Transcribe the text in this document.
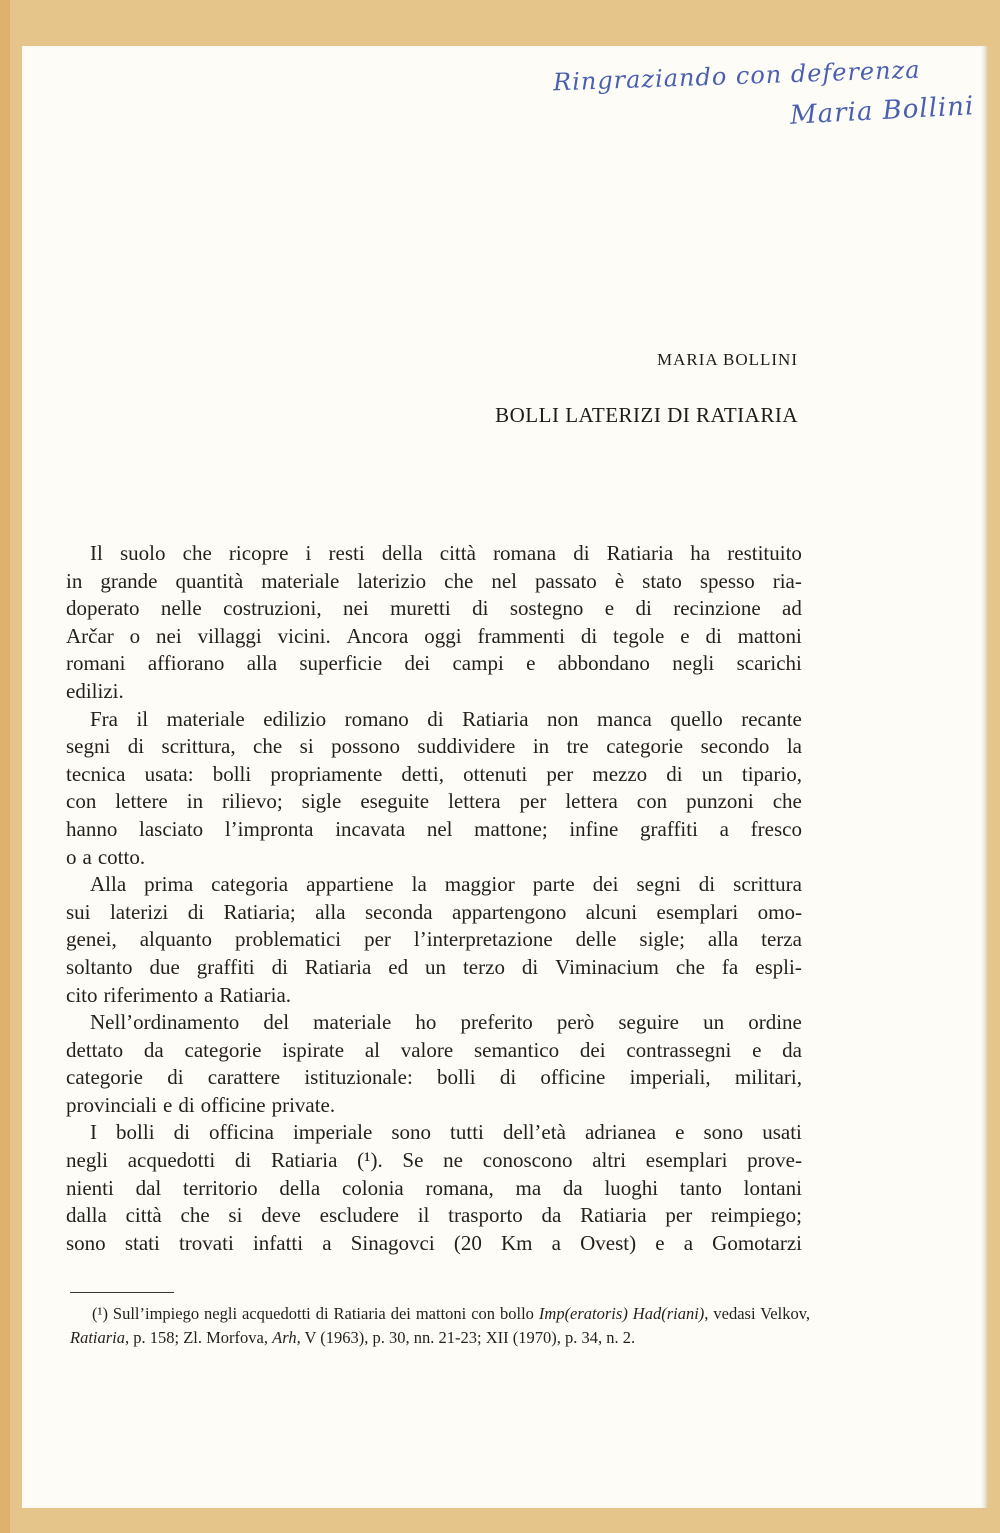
Ringraziando con deferenza
Maria Bollini
MARIA BOLLINI
BOLLI LATERIZI DI RATIARIA
Il suolo che ricopre i resti della città romana di Ratiaria ha restituito
in grande quantità materiale laterizio che nel passato è stato spesso ria-
doperato nelle costruzioni, nei muretti di sostegno e di recinzione ad
Arčar o nei villaggi vicini. Ancora oggi frammenti di tegole e di mattoni
romani affiorano alla superficie dei campi e abbondano negli scarichi
edilizi.
Fra il materiale edilizio romano di Ratiaria non manca quello recante
segni di scrittura, che si possono suddividere in tre categorie secondo la
tecnica usata: bolli propriamente detti, ottenuti per mezzo di un tipario,
con lettere in rilievo; sigle eseguite lettera per lettera con punzoni che
hanno lasciato l’impronta incavata nel mattone; infine graffiti a fresco
o a cotto.
Alla prima categoria appartiene la maggior parte dei segni di scrittura
sui laterizi di Ratiaria; alla seconda appartengono alcuni esemplari omo-
genei, alquanto problematici per l’interpretazione delle sigle; alla terza
soltanto due graffiti di Ratiaria ed un terzo di Viminacium che fa espli-
cito riferimento a Ratiaria.
Nell’ordinamento del materiale ho preferito però seguire un ordine
dettato da categorie ispirate al valore semantico dei contrassegni e da
categorie di carattere istituzionale: bolli di officine imperiali, militari,
provinciali e di officine private.
I bolli di officina imperiale sono tutti dell’età adrianea e sono usati
negli acquedotti di Ratiaria (¹). Se ne conoscono altri esemplari prove-
nienti dal territorio della colonia romana, ma da luoghi tanto lontani
dalla città che si deve escludere il trasporto da Ratiaria per reimpiego;
sono stati trovati infatti a Sinagovci (20 Km a Ovest) e a Gomotarzi

(¹) Sull’impiego negli acquedotti di Ratiaria dei mattoni con bollo Imp(eratoris) Had(riani), vedasi Velkov, Ratiaria, p. 158; Zl. Morfova, Arh, V (1963), p. 30, nn. 21-23; XII (1970), p. 34, n. 2.
